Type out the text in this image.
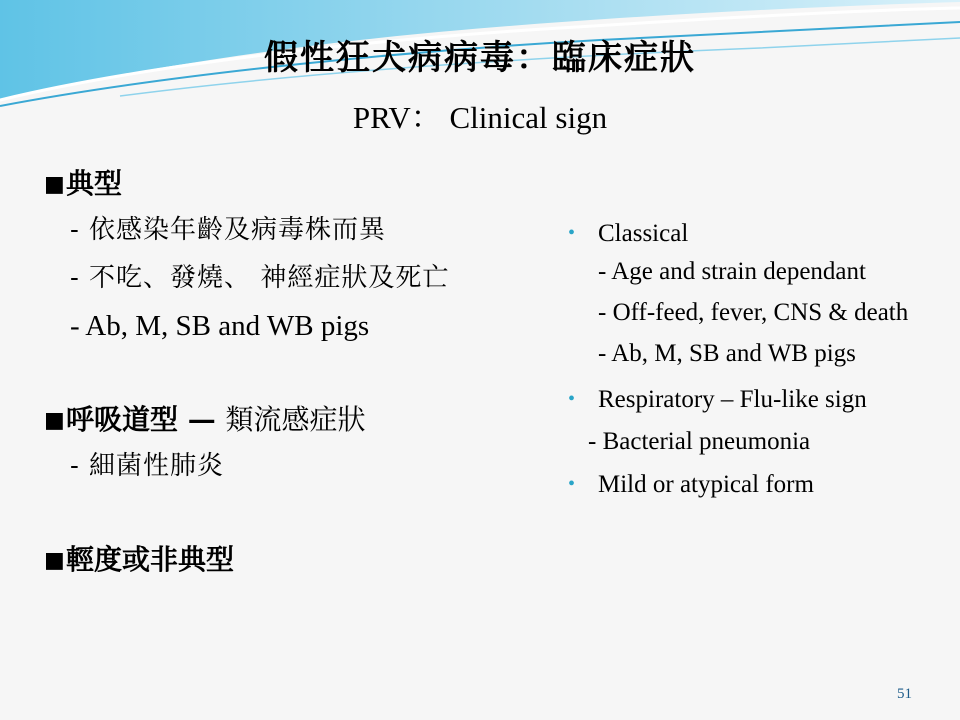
假性狂犬病病毒：臨床症狀
PRV： Clinical sign
■典型
- 依感染年齡及病毒株而異
- 不吃、發燒、 神經症狀及死亡
- Ab, M, SB and WB pigs
■呼吸道型 — 類流感症狀
- 細菌性肺炎
■輕度或非典型
• Classical
- Age and strain dependant
- Off-feed, fever, CNS & death
- Ab, M, SB and WB pigs
• Respiratory – Flu-like sign
- Bacterial pneumonia
• Mild or atypical form
51
